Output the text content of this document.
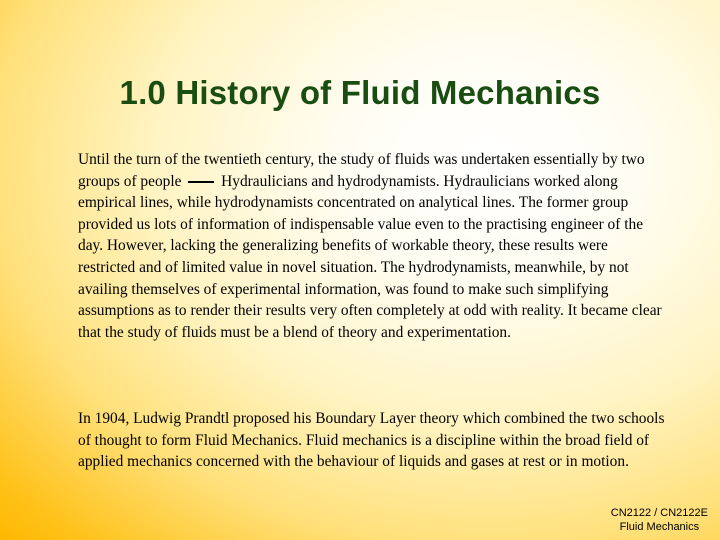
1.0 History of Fluid Mechanics

Until the turn of the twentieth century, the study of fluids was undertaken essentially by two groups of people	Hydraulicians and hydrodynamists. Hydraulicians worked along empirical lines, while hydrodynamists concentrated on analytical lines. The former group provided us lots of information of indispensable value even to the practising engineer of the day. However, lacking the generalizing benefits of workable theory, these results were restricted and of limited value in novel situation. The hydrodynamists, meanwhile, by not availing themselves of experimental information, was found to make such simplifying assumptions as to render their results very often completely at odd with reality. It became clear that the study of fluids must be a blend of theory and experimentation.

In 1904, Ludwig Prandtl proposed his Boundary Layer theory which combined the two schools of thought to form Fluid Mechanics. Fluid mechanics is a discipline within the broad field of applied mechanics concerned with the behaviour of liquids and gases at rest or in motion.

CN2122 / CN2122E
Fluid Mechanics
